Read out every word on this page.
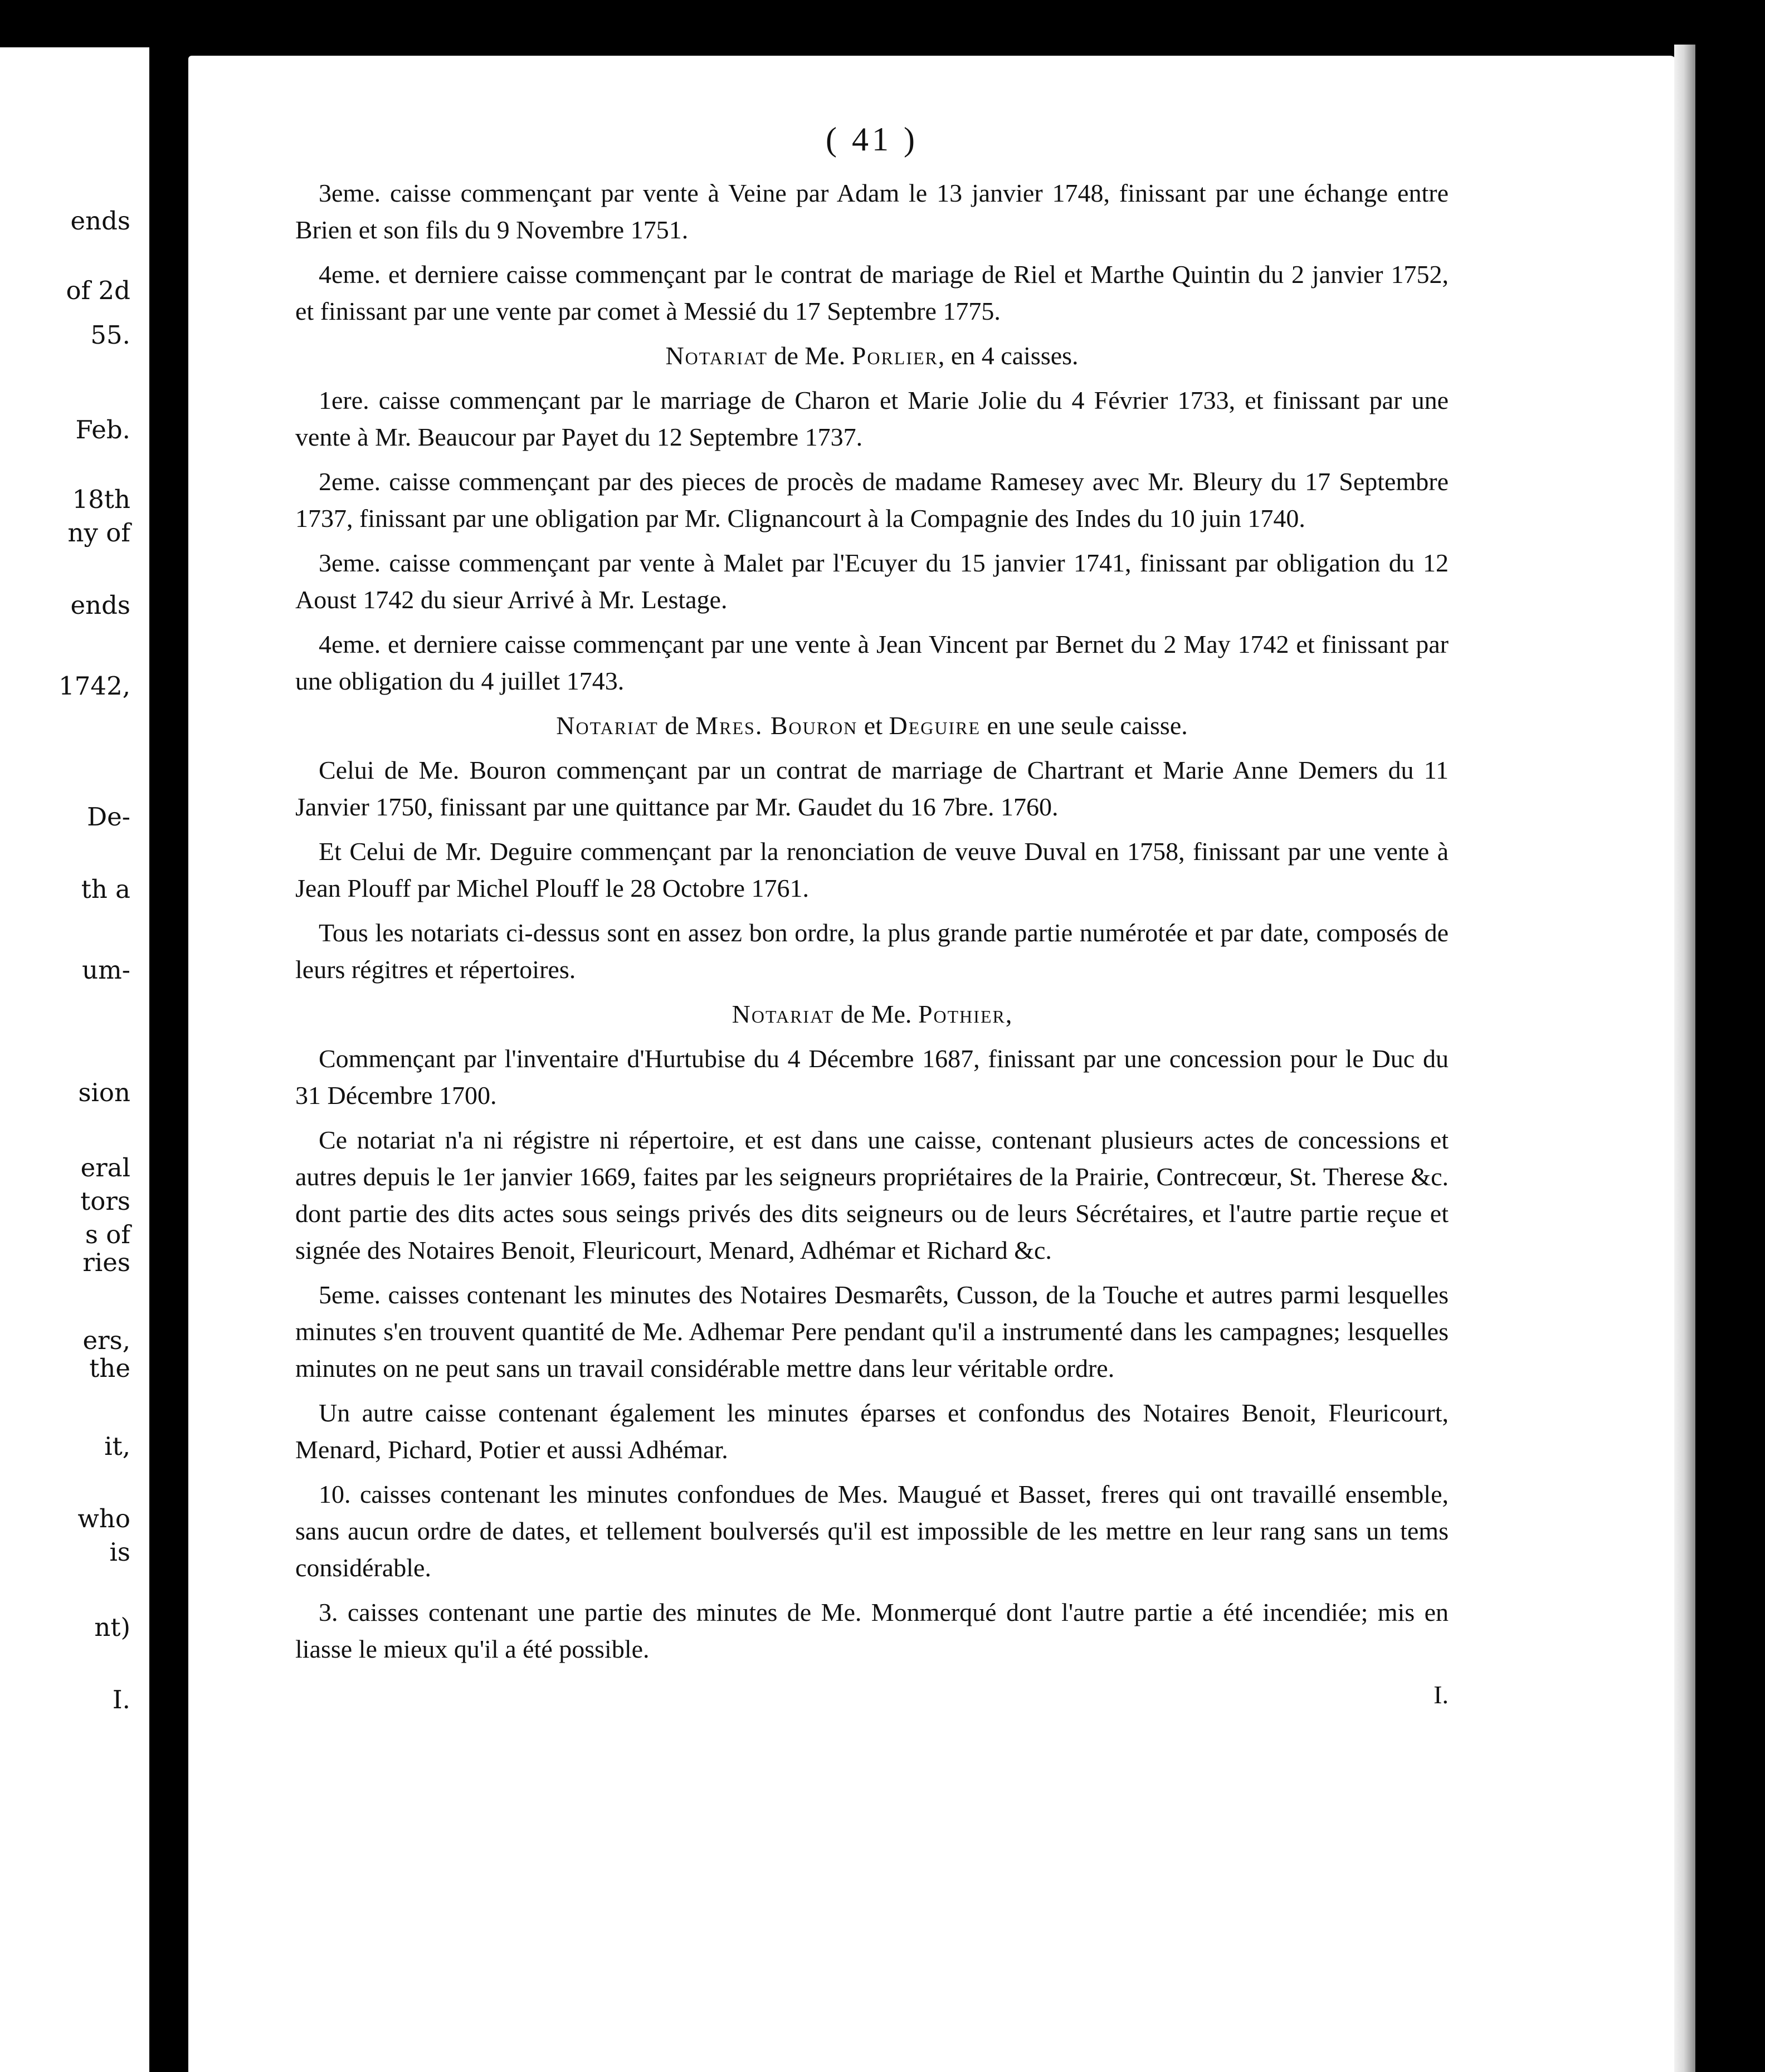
ends
of 2d
55.
Feb.
18th
ny of
ends
1742,
De-
th a
um-
sion
eral
tors
s of
ries
ers,
the
it,
who
is
nt)
I.
( 41 )
3eme. caisse commençant par vente à Veine par Adam le 13 janvier 1748, finissant par une échange entre Brien et son fils du 9 Novembre 1751.
4eme. et derniere caisse commençant par le contrat de mariage de Riel et Marthe Quintin du 2 janvier 1752, et finissant par une vente par comet à Messié du 17 Septembre 1775.
Notariat de Me. Porlier, en 4 caisses.
1ere. caisse commençant par le marriage de Charon et Marie Jolie du 4 Février 1733, et finissant par une vente à Mr. Beaucour par Payet du 12 Septembre 1737.
2eme. caisse commençant par des pieces de procès de madame Ramesey avec Mr. Bleury du 17 Septembre 1737, finissant par une obligation par Mr. Clignancourt à la Compagnie des Indes du 10 juin 1740.
3eme. caisse commençant par vente à Malet par l'Ecuyer du 15 janvier 1741, finissant par obligation du 12 Aoust 1742 du sieur Arrivé à Mr. Lestage.
4eme. et derniere caisse commençant par une vente à Jean Vincent par Bernet du 2 May 1742 et finissant par une obligation du 4 juillet 1743.
Notariat de Mres. Bouron et Deguire en une seule caisse.
Celui de Me. Bouron commençant par un contrat de marriage de Chartrant et Marie Anne Demers du 11 Janvier 1750, finissant par une quittance par Mr. Gaudet du 16 7bre. 1760.
Et Celui de Mr. Deguire commençant par la renonciation de veuve Duval en 1758, finissant par une vente à Jean Plouff par Michel Plouff le 28 Octobre 1761.
Tous les notariats ci-dessus sont en assez bon ordre, la plus grande partie numérotée et par date, composés de leurs régitres et répertoires.
Notariat de Me. Pothier,
Commençant par l'inventaire d'Hurtubise du 4 Décembre 1687, finissant par une concession pour le Duc du 31 Décembre 1700.
Ce notariat n'a ni régistre ni répertoire, et est dans une caisse, contenant plusieurs actes de concessions et autres depuis le 1er janvier 1669, faites par les seigneurs propriétaires de la Prairie, Contrecœur, St. Therese &c. dont partie des dits actes sous seings privés des dits seigneurs ou de leurs Sécrétaires, et l'autre partie reçue et signée des Notaires Benoit, Fleuricourt, Menard, Adhémar et Richard &c.
5eme. caisses contenant les minutes des Notaires Desmarêts, Cusson, de la Touche et autres parmi lesquelles minutes s'en trouvent quantité de Me. Adhemar Pere pendant qu'il a instrumenté dans les campagnes; lesquelles minutes on ne peut sans un travail considérable mettre dans leur véritable ordre.
Un autre caisse contenant également les minutes éparses et confondus des Notaires Benoit, Fleuricourt, Menard, Pichard, Potier et aussi Adhémar.
10. caisses contenant les minutes confondues de Mes. Maugué et Basset, freres qui ont travaillé ensemble, sans aucun ordre de dates, et tellement boulversés qu'il est impossible de les mettre en leur rang sans un tems considérable.
3. caisses contenant une partie des minutes de Me. Monmerqué dont l'autre partie a été incendiée; mis en liasse le mieux qu'il a été possible.
I.
